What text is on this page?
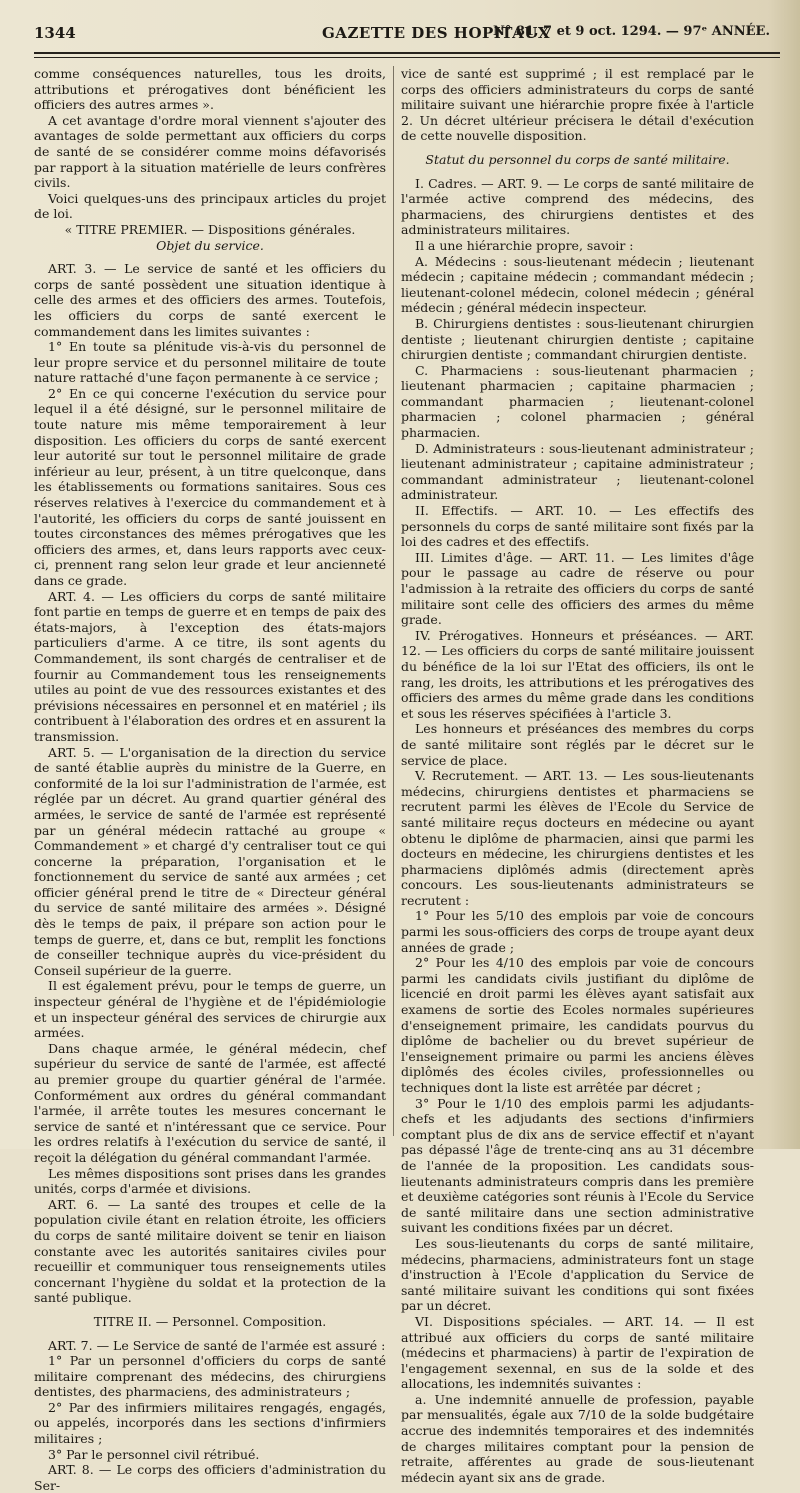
1344	GAZETTE DES HOPITAUX
N° 81, 7 et 9 oct. 1294. — 97ᵉ ANNÉE.

comme conséquences naturelles, tous les droits, attributions et prérogatives dont bénéficient les officiers des autres armes ».

A cet avantage d'ordre moral viennent s'ajouter des avantages de solde permettant aux officiers du corps de santé de se considérer comme moins défavorisés par rapport à la situation matérielle de leurs confrères civils.

Voici quelques-uns des principaux articles du projet de loi.

« TITRE PREMIER. — Dispositions générales.

Objet du service.

ART. 3. — Le service de santé et les officiers du corps de santé possèdent une situation identique à celle des armes et des officiers des armes. Toutefois, les officiers du corps de santé exercent le commandement dans les limites suivantes :

1° En toute sa plénitude vis-à-vis du personnel de leur propre service et du personnel militaire de toute nature rattaché d'une façon permanente à ce service ;

2° En ce qui concerne l'exécution du service pour lequel il a été désigné, sur le personnel militaire de toute nature mis même temporairement à leur disposition. Les officiers du corps de santé exercent leur autorité sur tout le personnel militaire de grade inférieur au leur, présent, à un titre quelconque, dans les établissements ou formations sanitaires. Sous ces réserves relatives à l'exercice du commandement et à l'autorité, les officiers du corps de santé jouissent en toutes circonstances des mêmes prérogatives que les officiers des armes, et, dans leurs rapports avec ceux-ci, prennent rang selon leur grade et leur ancienneté dans ce grade.

ART. 4. — Les officiers du corps de santé militaire font partie en temps de guerre et en temps de paix des états-majors, à l'exception des états-majors particuliers d'arme. A ce titre, ils sont agents du Commandement, ils sont chargés de centraliser et de fournir au Commandement tous les renseignements utiles au point de vue des ressources existantes et des prévisions nécessaires en personnel et en matériel ; ils contribuent à l'élaboration des ordres et en assurent la transmission.

ART. 5. — L'organisation de la direction du service de santé établie auprès du ministre de la Guerre, en conformité de la loi sur l'administration de l'armée, est réglée par un décret. Au grand quartier général des armées, le service de santé de l'armée est représenté par un général médecin rattaché au groupe « Commandement » et chargé d'y centraliser tout ce qui concerne la préparation, l'organisation et le fonctionnement du service de santé aux armées ; cet officier général prend le titre de « Directeur général du service de santé militaire des armées ». Désigné dès le temps de paix, il prépare son action pour le temps de guerre, et, dans ce but, remplit les fonctions de conseiller technique auprès du vice-président du Conseil supérieur de la guerre.

Il est également prévu, pour le temps de guerre, un inspecteur général de l'hygiène et de l'épidémiologie et un inspecteur général des services de chirurgie aux armées.

Dans chaque armée, le général médecin, chef supérieur du service de santé de l'armée, est affecté au premier groupe du quartier général de l'armée. Conformément aux ordres du général commandant l'armée, il arrête toutes les mesures concernant le service de santé et n'intéressant que ce service. Pour les ordres relatifs à l'exécution du service de santé, il reçoit la délégation du général commandant l'armée.

Les mêmes dispositions sont prises dans les grandes unités, corps d'armée et divisions.

ART. 6. — La santé des troupes et celle de la population civile étant en relation étroite, les officiers du corps de santé militaire doivent se tenir en liaison constante avec les autorités sanitaires civiles pour recueillir et communiquer tous renseignements utiles concernant l'hygiène du soldat et la protection de la santé publique.

TITRE II. — Personnel. Composition.

ART. 7. — Le Service de santé de l'armée est assuré :

1° Par un personnel d'officiers du corps de santé militaire comprenant des médecins, des chirurgiens dentistes, des pharmaciens, des administrateurs ;

2° Par des infirmiers militaires rengagés, engagés, ou appelés, incorporés dans les sections d'infirmiers militaires ;

3° Par le personnel civil rétribué.

ART. 8. — Le corps des officiers d'administration du Ser-

vice de santé est supprimé ; il est remplacé par le corps des officiers administrateurs du corps de santé militaire suivant une hiérarchie propre fixée à l'article 2. Un décret ultérieur précisera le détail d'exécution de cette nouvelle disposition.

Statut du personnel du corps de santé militaire.

I. Cadres. — ART. 9. — Le corps de santé militaire de l'armée active comprend des médecins, des pharmaciens, des chirurgiens dentistes et des administrateurs militaires.

Il a une hiérarchie propre, savoir :

A. Médecins : sous-lieutenant médecin ; lieutenant médecin ; capitaine médecin ; commandant médecin ; lieutenant-colonel médecin, colonel médecin ; général médecin ; général médecin inspecteur.

B. Chirurgiens dentistes : sous-lieutenant chirurgien dentiste ; lieutenant chirurgien dentiste ; capitaine chirurgien dentiste ; commandant chirurgien dentiste.

C. Pharmaciens : sous-lieutenant pharmacien ; lieutenant pharmacien ; capitaine pharmacien ; commandant pharmacien ; lieutenant-colonel pharmacien ; colonel pharmacien ; général pharmacien.

D. Administrateurs : sous-lieutenant administrateur ; lieutenant administrateur ; capitaine administrateur ; commandant administrateur ; lieutenant-colonel administrateur.

II. Effectifs. — ART. 10. — Les effectifs des personnels du corps de santé militaire sont fixés par la loi des cadres et des effectifs.

III. Limites d'âge. — ART. 11. — Les limites d'âge pour le passage au cadre de réserve ou pour l'admission à la retraite des officiers du corps de santé militaire sont celle des officiers des armes du même grade.

IV. Prérogatives. Honneurs et préséances. — ART. 12. — Les officiers du corps de santé militaire jouissent du bénéfice de la loi sur l'Etat des officiers, ils ont le rang, les droits, les attributions et les prérogatives des officiers des armes du même grade dans les conditions et sous les réserves spécifiées à l'article 3.

Les honneurs et préséances des membres du corps de santé militaire sont réglés par le décret sur le service de place.

V. Recrutement. — ART. 13. — Les sous-lieutenants médecins, chirurgiens dentistes et pharmaciens se recrutent parmi les élèves de l'Ecole du Service de santé militaire reçus docteurs en médecine ou ayant obtenu le diplôme de pharmacien, ainsi que parmi les docteurs en médecine, les chirurgiens dentistes et les pharmaciens diplômés admis (directement après concours. Les sous-lieutenants administrateurs se recrutent :

1° Pour les 5/10 des emplois par voie de concours parmi les sous-officiers des corps de troupe ayant deux années de grade ;

2° Pour les 4/10 des emplois par voie de concours parmi les candidats civils justifiant du diplôme de licencié en droit parmi les élèves ayant satisfait aux examens de sortie des Ecoles normales supérieures d'enseignement primaire, les candidats pourvus du diplôme de bachelier ou du brevet supérieur de l'enseignement primaire ou parmi les anciens élèves diplômés des écoles civiles, professionnelles ou techniques dont la liste est arrêtée par décret ;

3° Pour le 1/10 des emplois parmi les adjudants-chefs et les adjudants des sections d'infirmiers comptant plus de dix ans de service effectif et n'ayant pas dépassé l'âge de trente-cinq ans au 31 décembre de l'année de la proposition. Les candidats sous-lieutenants administrateurs compris dans les première et deuxième catégories sont réunis à l'Ecole du Service de santé militaire dans une section administrative suivant les conditions fixées par un décret.

Les sous-lieutenants du corps de santé militaire, médecins, pharmaciens, administrateurs font un stage d'instruction à l'Ecole d'application du Service de santé militaire suivant les conditions qui sont fixées par un décret.

VI. Dispositions spéciales. — ART. 14. — Il est attribué aux officiers du corps de santé militaire (médecins et pharmaciens) à partir de l'expiration de l'engagement sexennal, en sus de la solde et des allocations, les indemnités suivantes :

a. Une indemnité annuelle de profession, payable par mensualités, égale aux 7/10 de la solde budgétaire accrue des indemnités temporaires et des indemnités de charges militaires comptant pour la pension de retraite, afférentes au grade de sous-lieutenant médecin ayant six ans de grade.
